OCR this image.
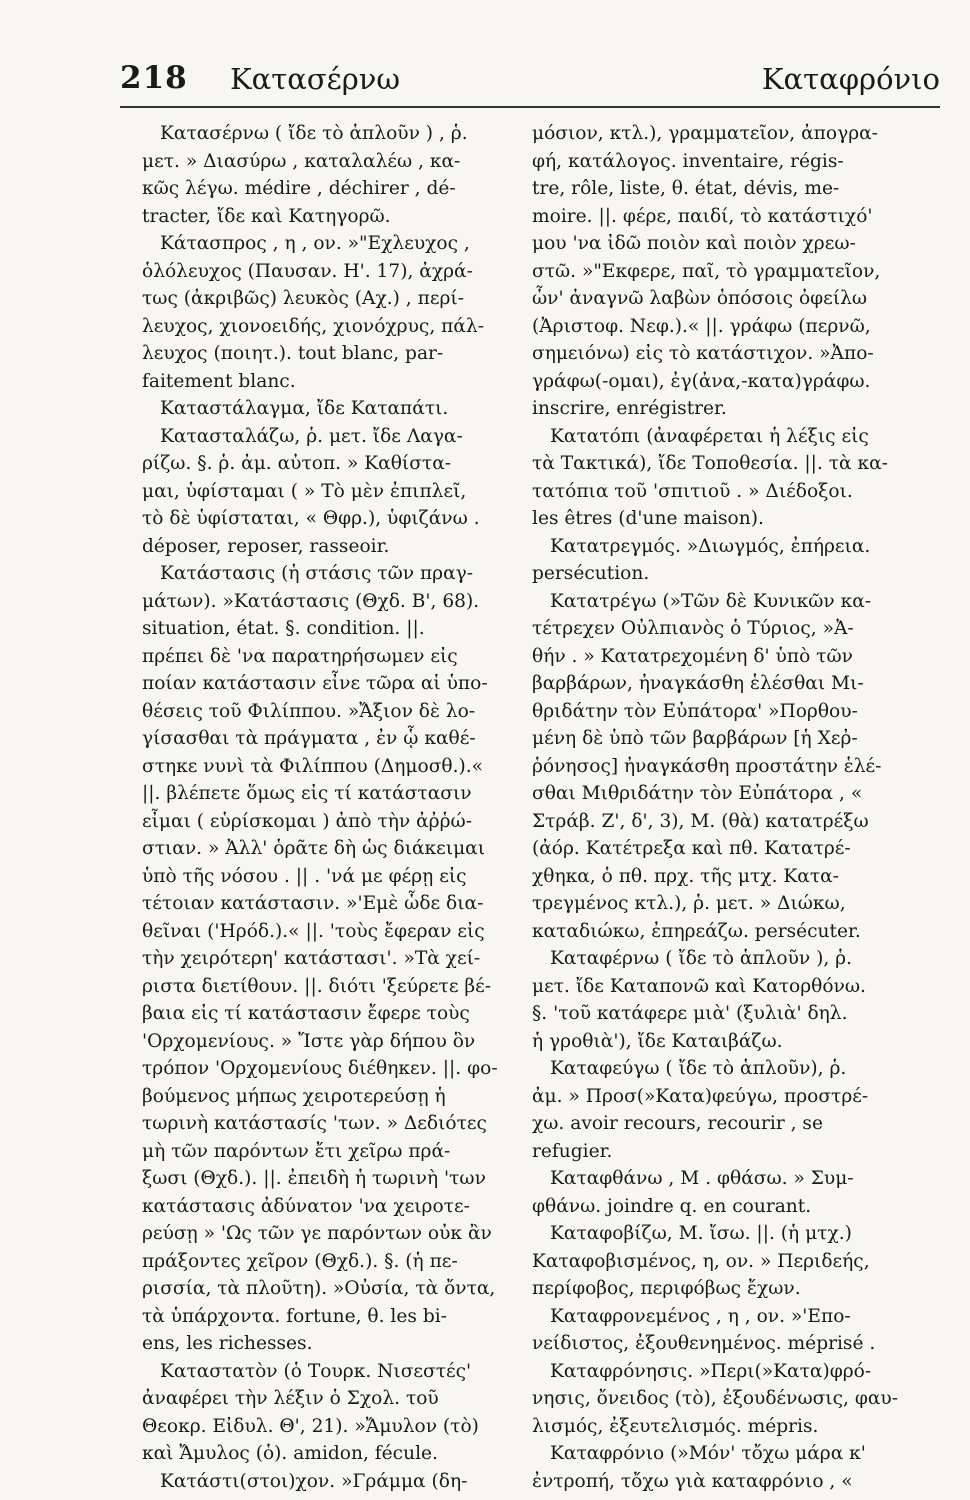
218 Κατασέρνω	Καταφρόνιο
Κατασέρνω ( ἴδε τὸ ἁπλοῦν ) , ῥ.
μετ. » Διασύρω , καταλαλέω , κα-
κῶς λέγω. médire , déchirer , dé-
tracter, ἴδε καὶ Κατηγορῶ.
Κάτασπρος , η , ον. »"Εχλευχος ,
ὁλόλευχος (Παυσαν. Η'. 17), ἀχρά-
τως (ἀκριβῶς) λευκὸς (Αχ.) , περί-
λευχος, χιονοειδής, χιονόχρυς, πάλ-
λευχος (ποιητ.). tout blanc, par-
faitement blanc.
Καταστάλαγμα, ἴδε Καταπάτι.
Κατασταλάζω, ῥ. μετ. ἴδε Λαγα-
ρίζω. §. ῥ. ἀμ. αὐτοπ. » Καθίστα-
μαι, ὑφίσταμαι ( » Τὸ μὲν ἐπιπλεῖ,
τὸ δὲ ὑφίσταται, « Θφρ.), ὑφιζάνω .
déposer, reposer, rasseoir.
Κατάστασις (ἡ στάσις τῶν πραγ-
μάτων). »Κατάστασις (Θχδ. Β', 68).
situation, état. §. condition. ||.
πρέπει δὲ 'να παρατηρήσωμεν εἰς
ποίαν κατάστασιν εἶνε τῶρα αἱ ὑπο-
θέσεις τοῦ Φιλίππου. »Ἄξιον δὲ λο-
γίσασθαι τὰ πράγματα , ἐν ᾧ καθέ-
στηκε νυνὶ τὰ Φιλίππου (Δημοσθ.).«
||. βλέπετε ὅμως εἰς τί κατάστασιν
εἶμαι ( εὑρίσκομαι ) ἀπὸ τὴν ἀῤῥώ-
στιαν. » Ἀλλ' ὁρᾶτε δὴ ὡς διάκειμαι
ὑπὸ τῆς νόσου . || . 'νά με φέρῃ εἰς
τέτοιαν κατάστασιν. »'Εμὲ ὧδε δια-
θεῖναι ('Ηρόδ.).« ||. 'τοὺς ἔφεραν εἰς
τὴν χειρότερη' κατάστασι'. »Τὰ χεί-
ριστα διετίθουν. ||. διότι 'ξεύρετε βέ-
βαια εἰς τί κατάστασιν ἔφερε τοὺς
'Ορχομενίους. » Ἴστε γὰρ δήπου ὃν
τρόπον 'Ορχομενίους διέθηκεν. ||. φο-
βούμενος μήπως χειροτερεύσῃ ἡ
τωρινὴ κατάστασίς 'των. » Δεδιότες
μὴ τῶν παρόντων ἔτι χεῖρω πρά-
ξωσι (Θχδ.). ||. ἐπειδὴ ἡ τωρινὴ 'των
κατάστασις ἀδύνατον 'να χειροτε-
ρεύσῃ » 'Ως τῶν γε παρόντων οὐκ ἂν
πράξοντες χεῖρον (Θχδ.). §. (ἡ πε-
ρισσία, τὰ πλοῦτη). »Οὐσία, τὰ ὄντα,
τὰ ὑπάρχοντα. fortune, θ. les bi-
ens, les richesses.
Καταστατὸν (ὁ Τουρκ. Νισεστές'
ἀναφέρει τὴν λέξιν ὁ Σχολ. τοῦ
Θεοκρ. Εἰδυλ. Θ', 21). »Ἄμυλον (τὸ)
καὶ Ἄμυλος (ὁ). amidon, fécule.
Κατάστι(στοι)χον. »Γράμμα (δη-
μόσιον, κτλ.), γραμματεῖον, ἀπογρα-
φή, κατάλογος. inventaire, régis-
tre, rôle, liste, θ. état, dévis, me-
moire. ||. φέρε, παιδί, τὸ κατάστιχό'
μου 'να ἰδῶ ποιὸν καὶ ποιὸν χρεω-
στῶ. »"Εκφερε, παῖ, τὸ γραμματεῖον,
ὧν' ἀναγνῶ λαβὼν ὁπόσοις ὀφείλω
(Ἀριστοφ. Νεφ.).« ||. γράφω (περνῶ,
σημειόνω) εἰς τὸ κατάστιχον. »Ἀπο-
γράφω(-ομαι), ἐγ(ἀνα,-κατα)γράφω.
inscrire, enrégistrer.
Κατατόπι (ἀναφέρεται ἡ λέξις εἰς
τὰ Τακτικά), ἴδε Τοποθεσία. ||. τὰ κα-
τατόπια τοῦ 'σπιτιοῦ . » Διέδοξοι.
les êtres (d'une maison).
Κατατρεγμός. »Διωγμός, ἐπήρεια.
persécution.
Κατατρέγω (»Τῶν δὲ Κυνικῶν κα-
τέτρεχεν Οὐλπιανὸς ὁ Τύριος, »Ἀ-
θήν . » Κατατρεχομένη δ' ὑπὸ τῶν
βαρβάρων, ἠναγκάσθη ἑλέσθαι Μι-
θριδάτην τὸν Εὐπάτορα' »Πορθου-
μένη δὲ ὑπὸ τῶν βαρβάρων [ἡ Χεῤ-
ῥόνησος] ἠναγκάσθη προστάτην ἑλέ-
σθαι Μιθριδάτην τὸν Εὐπάτορα , «
Στράβ. Ζ', δ', 3), Μ. (θὰ) κατατρέξω
(ἀόρ. Κατέτρεξα καὶ πθ. Κατατρέ-
χθηκα, ὁ πθ. πρχ. τῆς μτχ. Κατα-
τρεγμένος κτλ.), ῥ. μετ. » Διώκω,
καταδιώκω, ἐπηρεάζω. persécuter.
Καταφέρνω ( ἴδε τὸ ἁπλοῦν ), ῥ.
μετ. ἴδε Καταπονῶ καὶ Κατορθόνω.
§. 'τοῦ κατάφερε μιὰ' (ξυλιὰ' δηλ.
ἡ γροθιὰ'), ἴδε Καταιβάζω.
Καταφεύγω ( ἴδε τὸ ἁπλοῦν), ῥ.
ἀμ. » Προσ(»Κατα)φεύγω, προστρέ-
χω. avoir recours, recourir , se
refugier.
Καταφθάνω , Μ . φθάσω. » Συμ-
φθάνω. joindre q. en courant.
Καταφοβίζω, Μ. ἴσω. ||. (ἡ μτχ.)
Καταφοβισμένος, η, ον. » Περιδεής,
περίφοβος, περιφόβως ἔχων.
Καταφρονεμένος , η , ον. »'Επο-
νείδιστος, ἐξουθενημένος. méprisé .
Καταφρόνησις. »Περι(»Κατα)φρό-
νησις, ὄνειδος (τὸ), ἐξουδένωσις, φαυ-
λισμός, ἐξευτελισμός. mépris.
Καταφρόνιο (»Μόν' τὄχω μάρα κ'
ἐντροπή, τὄχω γιὰ καταφρόνιο , «
